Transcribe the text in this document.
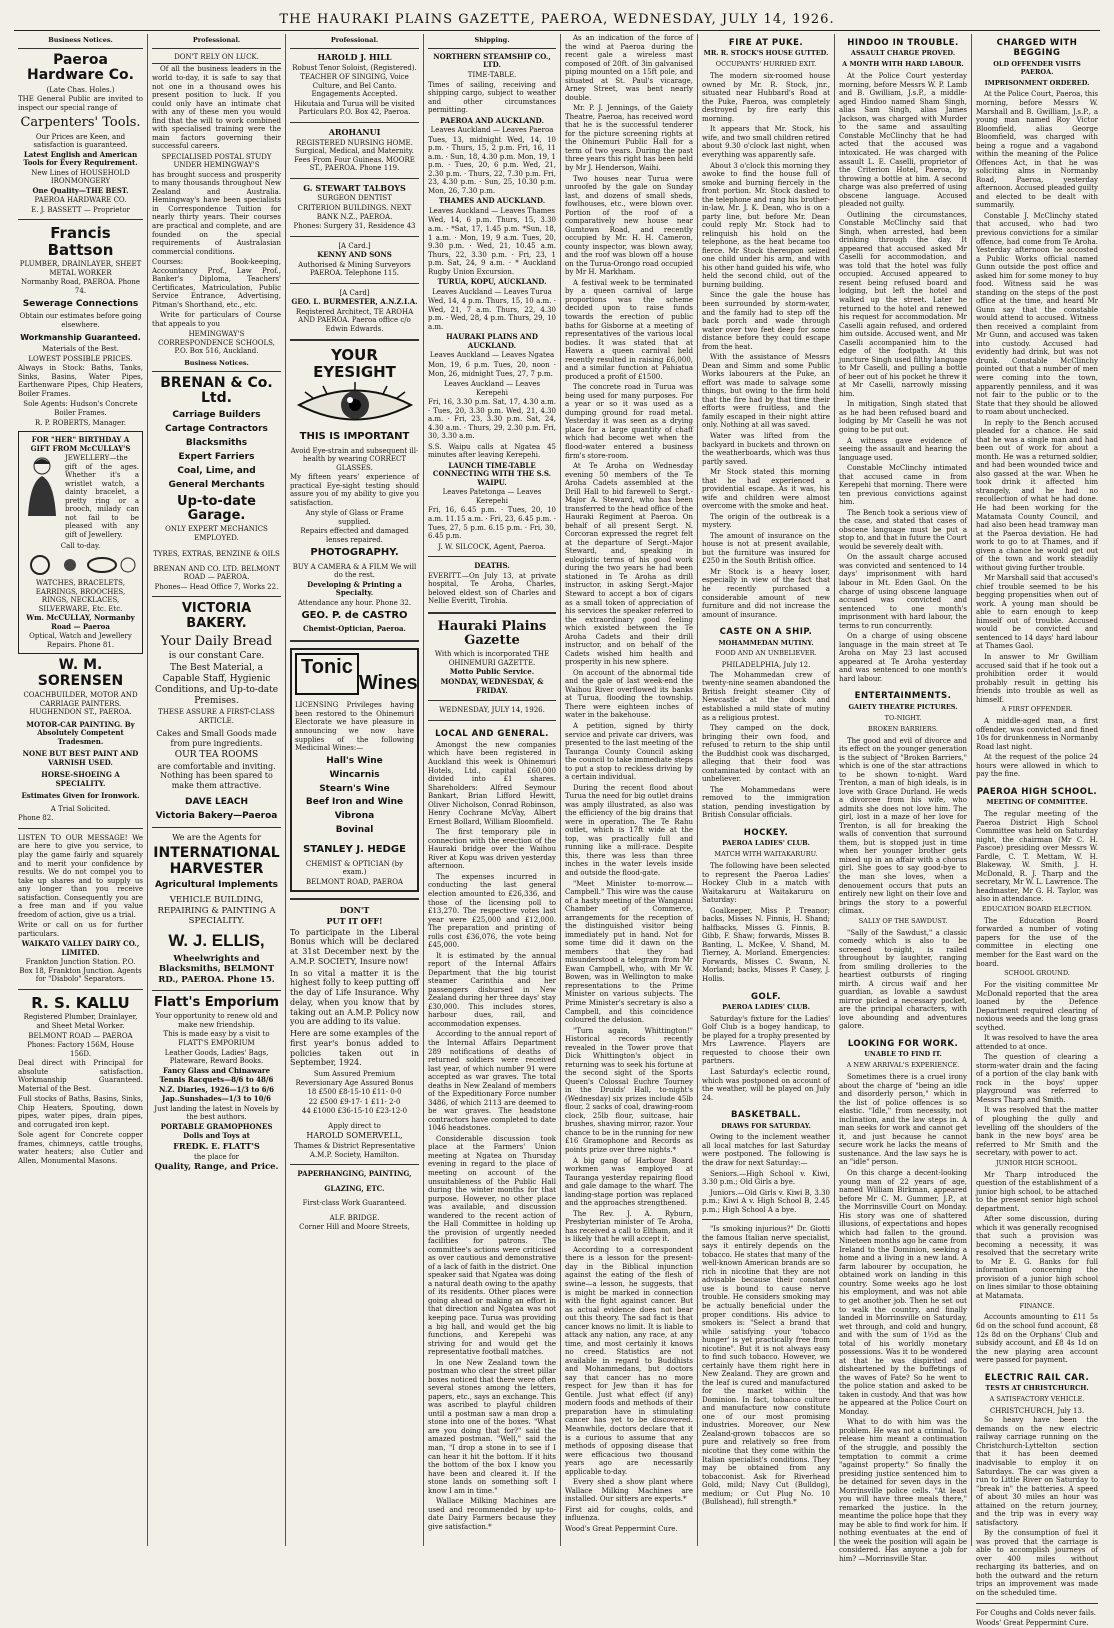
THE HAURAKI PLAINS GAZETTE, PAEROA, WEDNESDAY, JULY 14, 1926.
Business Notices.
Paeroa Hardware Co.
(Late Chas. Holes.)
THE General Public are invited to inspect our special range of
Carpenters' Tools.
Our Prices are Keen, and satisfaction is guaranteed.
Latest English and American Tools for Every Requirement.
New Lines of HOUSEHOLD IRONMONGERY
One Quality—THE BEST.
PAEROA HARDWARE CO.
E. J. BASSETT — Proprietor
Francis Battson
PLUMBER, DRAINLAYER, SHEET METAL WORKER
Normanby Road, PAEROA. Phone 74.
Sewerage Connections
Obtain our estimates before going elsewhere.
Workmanship Guaranteed.
Materials of the Best.
LOWEST POSSIBLE PRICES.
Always in Stock: Baths, Tanks, Sinks, Basins, Water Pipes, Earthenware Pipes, Chip Heaters, Boiler Frames.
Sole Agents: Hudson's Concrete Boiler Frames.
R. P. ROBERTS, Manager.
FOR "HER" BIRTHDAY A GIFT FROM McCULLAY'S
JEWELLERY—the gift of the ages. Whether it's a wristlet watch, a dainty bracelet, a pretty ring or a brooch, milady can not fail to be pleased with any gift of Jewellery.
Call to-day.
WATCHES, BRACELETS, EARRINGS, BROOCHES, RINGS, NECKLACES, SILVERWARE, Etc. Etc.
Wm. McCULLAY, Normanby Road — Paeroa
Optical, Watch and Jewellery Repairs. Phone 81.
W. M. SORENSEN
COACHBUILDER, MOTOR AND CARRIAGE PAINTERS. HUGHENDON ST., PAEROA.
MOTOR-CAR PAINTING. By Absolutely Competent Tradesmen.
NONE BUT BEST PAINT AND VARNISH USED.
HORSE-SHOEING A SPECIALITY.
Estimates Given for Ironwork.
A Trial Solicited.
Phone 82.
LISTEN TO OUR MESSAGE! We are here to give you service, to play the game fairly and squarely and to merit your confidence by results. We do not compel you to take up shares and to supply us any longer than you receive satisfaction. Consequently you are a free man and if you value freedom of action, give us a trial.
Write or call on us for further particulars.
WAIKATO VALLEY DAIRY CO., LIMITED.
Frankton Junction Station. P.O. Box 18, Frankton Junction. Agents for "Diabolo" Separators.
R. S. KALLU
Registered Plumber, Drainlayer, and Sheet Metal Worker.
BELMONT ROAD — PAEROA
Phones: Factory 156M, House 156D.
Deal direct with Principal for absolute satisfaction. Workmanship Guaranteed. Material of the Best.
Full stocks of Baths, Basins, Sinks, Chip Heaters, Spouting, down pipes, water pipes, drain pipes, and corrugated iron kept.
Sole agent for Concrete copper frames, chimneys, cattle troughs, water heaters; also Cutler and Allen, Monumental Masons.
Professional.
DON'T RELY ON LUCK.
Of all the business leaders in the world to-day, it is safe to say that not one in a thousand owes his present position to luck. If you could only have an intimate chat with any of these men you would find that the will to work combined with specialised training were the main factors governing their successful careers.
SPECIALISED POSTAL STUDY UNDER HEMINGWAY'S
has brought success and prosperity to many thousands throughout New Zealand and Australia. Hemingway's have been specialists in Correspondence Tuition for nearly thirty years. Their courses are practical and complete, and are founded on the special requirements of Australasian commercial conditions.
Courses: Book-keeping, Accountancy Prof., Law Prof., Banker's Diploma, Teachers' Certificates, Matriculation, Public Service Entrance, Advertising, Pitman's Shorthand, etc., etc.
Write for particulars of Course that appeals to you
HEMINGWAY'S CORRESPONDENCE SCHOOLS, P.O. Box 516, Auckland.
Business Notices.
BRENAN & Co. Ltd.
Carriage Builders
Cartage Contractors
Blacksmiths
Expert Farriers
Coal, Lime, and
General Merchants
Up-to-date Garage.
ONLY EXPERT MECHANICS EMPLOYED.
TYRES, EXTRAS, BENZINE & OILS
BRENAN AND CO. LTD. BELMONT ROAD — PAEROA.
Phones— Head Office 7, Works 22.
VICTORIA BAKERY.
Your Daily Bread
is our constant Care.
The Best Material, a Capable Staff, Hygienic Conditions, and Up-to-date Premises.
THESE ASSURE A FIRST-CLASS ARTICLE.
Cakes and Small Goods made from pure ingredients.
OUR TEA ROOMS
are comfortable and inviting. Nothing has been spared to make them attractive.
DAVE LEACH
Victoria Bakery—Paeroa
We are the Agents for
INTERNATIONAL HARVESTER
Agricultural Implements
VEHICLE BUILDING, REPAIRING & PAINTING A SPECIALITY.
W. J. ELLIS,
Wheelwrights and Blacksmiths, BELMONT RD., PAEROA. Phone 15.
Flatt's Emporium
Your opportunity to renew old and make new friendship.
This is made easy by a visit to FLATT'S EMPORIUM
Leather Goods, Ladies' Bags, Plateware, Reward Books.
Fancy Glass and Chinaware
Tennis Racquets—8/6 to 48/6
N.Z. Diaries, 1926—1/3 to 6/6
Jap..Sunshades—1/3 to 10/6
Just landing the latest in Novels by the best authors.
PORTABLE GRAMOPHONES
Dolls and Toys at
FREDK. E. FLATT'S
the place for
Quality, Range, and Price.
Professional.
HAROLD J. HILL
Robust Tenor Soloist, (Registered).
TEACHER OF SINGING, Voice Culture, and Bel Canto. Engagements Accepted.
Hikutaia and Turua will be visited Particulars P.O. Box 42, Paeroa.
AROHANUI
REGISTERED NURSING HOME. Surgical, Medical, and Maternity. Fees From Four Guineas. MOORE ST., PAEROA. Phone 119.
G. STEWART TALBOYS
SURGEON DENTIST
CRITERION BUILDINGS. NEXT BANK N.Z., PAEROA.
Phones: Surgery 31, Residence 43
[A Card.]
KENNY AND SONS
Authorised & Mining Surveyors PAEROA. Telephone 115.
[A Card]
GEO. L. BURMESTER, A.N.Z.I.A.
Registered Architect, TE AROHA AND PAEROA. Paeroa office c/o Edwin Edwards.
YOUR EYESIGHT
THIS IS IMPORTANT
Avoid Eye-strain and subsequent ill-health by wearing CORRECT GLASSES.
My fifteen years' experience of practical Eye-sight testing should assure you of my ability to give you satisfaction.
Any style of Glass or Frame supplied.
Repairs effected and damaged lenses repaired.
PHOTOGRAPHY.
BUY A CAMERA & A FILM We will do the rest.
Developing & Printing a Specialty.
Attendance any hour. Phone 32.
GEO. P. de CASTRO
Chemist-Optician, Paeroa.
Tonic
Wines
LICENSING Privileges having been restored to the Ohinemuri Electorate we have pleasure in announcing we now have supplies of the following Medicinal Wines:—
Hall's Wine
Wincarnis
Stearn's Wine
Beef Iron and Wine
Vibrona
Bovinal
STANLEY J. HEDGE
CHEMIST & OPTICIAN (by exam.)
BELMONT ROAD, PAEROA
DON'T
PUT IT OFF!
To participate in the Liberal Bonus which will be declared at 31st December next by the A.M.P. SOCIETY, Insure now!
In so vital a matter it is the highest folly to keep putting off the day of Life Insurance. Why delay, when you know that by taking out an A.M.P. Policy now you are adding to its value.
Here are some examples of the first year's bonus added to policies taken out in September, 1924.
Sum Assured Premium Reversionary Age Assured Bonus
18 £500 £8-15-10 £11- 0-0
22 £500 £9-17- 1 £11- 2-0
44 £1000 £36-15-10 £23-12-0
Apply direct to
HAROLD SOMERVELL,
Thames & District Representative A.M.P. Society, Hamilton.
PAPERHANGING, PAINTING,
GLAZING, ETC.
First-class Work Guaranteed.
ALF. BRIDGE.
Corner Hill and Moore Streets,
Shipping.
NORTHERN STEAMSHIP CO., LTD.
TIME-TABLE.
Times of sailing, receiving and shipping cargo, subject to weather and other circumstances permitting.
PAEROA AND AUCKLAND.
Leaves Auckland — Leaves Paeroa
Tues, 13, midnight Wed, 14, 10 p.m. · Thurs, 15, 2 p.m. Fri, 16, 11 a.m. · Sun, 18, 4.30 p.m. Mon, 19, 1 p.m. · Tues, 20, 6 p.m. Wed, 21, 2.30 p.m. · Thurs, 22, 7.30 p.m. Fri, 23, 4.30 p.m. · Sun, 25, 10.30 p.m. Mon, 26, 7.30 p.m.
THAMES AND AUCKLAND.
Leaves Auckland — Leaves Thames
Wed, 14, 6 p.m. Thurs, 15, 3.30 a.m. · *Sat, 17, 1.45 p.m. *Sun, 18, 1 a.m. · Mon, 19, 9 a.m. Tues, 20, 9.30 p.m. · Wed, 21, 10.45 a.m. Thurs, 22, 3.30 p.m. · Fri, 23, 1 p.m. Sat, 24, 9 a.m. · * Auckland Rugby Union Excursion.
TURUA, KOPU, AUCKLAND.
Leaves Auckland — Leaves Turua
Wed, 14, 4 p.m. Thurs, 15, 10 a.m. · Wed, 21, 7 a.m. Thurs, 22, 4.30 p.m. · Wed, 28, 4 p.m. Thurs, 29, 10 a.m.
HAURAKI PLAINS AND AUCKLAND.
Leaves Auckland — Leaves Ngatea
Mon, 19, 6 p.m. Tues, 20, noon · Mon, 26, midnight Tues, 27, 7 p.m.
Leaves Auckland — Leaves Kerepehi
Fri, 16, 3.30 p.m. Sat, 17, 4.30 a.m. · Tues, 20, 3.30 p.m. Wed, 21, 4.30 a.m. · Fri, 23, 3.30 p.m. Sat, 24, 4.30 a.m. · Thurs, 29, 2.30 p.m. Fri, 30, 3.30 a.m.
S.S. Waipu calls at Ngatea 45 minutes after leaving Kerepehi.
LAUNCH TIME-TABLE CONNECTING WITH THE S.S. WAIPU.
Leaves Patetonga — Leaves Kerepehi
Fri, 16, 6.45 p.m. · Tues, 20, 10 a.m. 11.15 a.m. · Fri, 23, 6.45 p.m. · Tues, 27, 5 p.m. 6.15 p.m. · Fri, 30, 6.45 p.m.
J. W. SILCOCK, Agent, Paeroa.
DEATHS.
EVERITT.—On July 13, at private hospital, Te Aroha, Charles, beloved eldest son of Charles and Nellie Everitt, Tirohia.
Hauraki Plains Gazette
With which is incorporated THE OHINEMURI GAZETTE.
Motto Public Service.
MONDAY, WEDNESDAY, & FRIDAY.
WEDNESDAY, JULY 14, 1926.
LOCAL AND GENERAL.
Amongst the new companies which have been registered in Auckland this week is Ohinemuri Hotels, Ltd., capital £60,000 divided into £1 shares. Shareholders: Alfred Seymour Bankart, Brian Lifford Hewitt, Oliver Nicholson, Conrad Robinson, Henry Cochrane McVay, Albert Ernest Bollard, William Bloomfield.
The first temporary pile in connection with the erection of the Hauraki bridge over the Waihou River at Kopu was driven yesterday afternoon.
The expenses incurred in conducting the last general election amounted to £26,336, and those of the licensing poll to £13,270. The respective votes last year were £25,000 and £12,000. The preparation and printing of rolls cost £36,076, the vote being £45,000.
It is estimated by the annual report of the Internal Affairs Department that the big tourist steamer Carinthia and her passengers disbursed in New Zealand during her three days' stay £30,000. This includes stores, harbour dues, rail, and accommodation expenses.
According to the annual report of the Internal Affairs Department 289 notifications of deaths of returned soldiers were received last year, of which number 91 were accepted as war graves. The total deaths in New Zealand of members of the Expeditionary Force number 3486, of which 2113 are deemed to be war graves. The headstone contractors have completed to date 1046 headstones.
Considerable discussion took place at the Farmers' Union meeting at Ngatea on Thursday evening in regard to the place of meeting on account of the unsuitableness of the Public Hall during the winter months for that purpose. However, no other place was available, and discussion wandered to the recent action of the Hall Committee in holding up the provision of urgently needed facilities for patrons. The committee's actions were criticised as over cautious and demonstrative of a lack of faith in the district. One speaker said that Ngatea was doing a natural death owing to the apathy of its residents. Other places were going ahead or making an effort in that direction and Ngatea was not keeping pace. Turua was providing a big hall, and would get the big functions, and Kerepehi was striving for and would get the representative football matches.
In one New Zealand town the postman who clear the street pillar boxes noticed that there were often several stones among the letters, papers, etc., says an exchange. This was ascribed to playful children until a postman saw a man drop a stone into one of the boxes. "What are you doing that for?" said the amazed postman. "Well," said the man, "I drop a stone in to see if I can hear it hit the bottom. If it hits the bottom of the box I know you have been and cleared it. If the stone lands on something soft I know I am in time."
Wallace Milking Machines are used and recommended by up-to-date Dairy Farmers because they give satisfaction.*
As an indication of the force of the wind at Paeroa during the recent gale a wireless mast composed of 20ft. of 3in galvanised piping mounted on a 15ft pole, and situated at St. Paul's vicarage, Arney Street, was bent nearly double.
Mr. P. J. Jennings, of the Gaiety Theatre, Paeroa, has received word that he is the successful tenderer for the picture screening rights at the Ohinemuri Public Hall for a term of two years. During the past three years this right has been held by Mr J. Henderson, Waihi.
Two houses near Turua were unroofed by the gale on Sunday last, and dozens of small sheds, fowlhouses, etc., were blown over. Portion of the roof of a comparatively new house near Gumtown Road, and recently occupied by Mr. H. H. Cameron, county inspector, was blown away, and the roof was blown off a house on the Turua-Orongo road occupied by Mr H. Markham.
A festival week to be terminated by a queen carnival of large proportions was the scheme decided upon to raise funds towards the erection of public baths for Gisborne at a meeting of representatives of the various local bodies. It was stated that at Hawera a queen carnival held recently resulted in raising £6,000, and a similar function at Pahiatua produced a profit of £1500.
The concrete road in Turua was being used for many purposes. For a year or so it was used as a dumping ground for road metal. Yesterday it was seen as a drying place for a large quantity of chaff which had become wet when the flood-water entered a business firm's store-room.
At Te Aroha on Wednesday evening 50 members of the Te Aroha Cadets assembled at the Drill Hall to bid farewell to Sergt.-Major A. Steward, who has been transferred to the head office of the Hauraki Regiment at Paeroa. On behalf of all present Sergt. N. Corcoran expressed the regret felt at the departure of Sergt.-Major Steward, and, speaking in eulogistic terms of his good work during the two years he had been stationed in Te Aroha as drill instructor, in asking Sergt.-Major Steward to accept a box of cigars as a small token of appreciation of his services the speaker referred to the extraordinary good feeling which existed between the Te Aroha Cadets and their drill instructor, and on behalf of the Cadets wished him health and prosperity in his new sphere.
On account of the abnormal tide and the gale of last week-end the Waihou River overflowed its banks at Turua, flooding the township. There were eighteen inches of water in the bakehouse.
A petition, signed by thirty service and private car drivers, was presented to the last meeting of the Tauranga County Council asking the council to take immediate steps to put a stop to reckless driving by a certain individual.
During the recent flood about Turua the need for big outlet drains was amply illustrated, as also was the efficiency of the big drains that were in operation. The Te Rahu outlet, which is 17ft wide at the top, was practically full and running like a mill-race. Despite this, there was less than three inches in the water levels inside and outside the flood-gate.
"Meet Minister to-morrow.—Campbell." This wire was the cause of a hasty meeting of the Wanganui Chamber of Commerce, arrangements for the reception of the distinguished visitor being immediately put in hand. Not for some time did it dawn on the members that they had misunderstood a telegram from Mr Ewan Campbell, who, with Mr W. Bowen, was in Wellington to make representations to the Prime Minister on various subjects. The Prime Minister's secretary is also a Campbell, and this coincidence coloured the delusion.
"Turn again, Whittington!" Historical records recently revealed in the Tower prove that Dick Whittington's object in returning was to seek his fortune at the second sight of the Sports Queen's Colossal Euchre Tourney in the Druids' Hall, to-night's (Wednesday) six prizes include 45lb flour, 2 sacks of coal, drawing-room clock, 25lb flour, suitcase, hair brushes, shaving mirror, razor. Your chance to be in the running for new £16 Gramophone and Records as points prize over three nights.*
A big gang of Harbour Board workmen was employed at Tauranga yesterday repairing flood and gale damage to the wharf. The landing-stage portion was replaced and the approaches strengthened.
The Rev. J. A. Ryburn, Presbyterian minister of Te Aroha, has received a call to Eltham, and it is likely that he will accept it.
According to a correspondent there is a lesson for the present-day in the Biblical injunction against the eating of the flesh of swine—a lesson, he suggests, that is might be marked in connection with the fight against cancer. But as actual evidence does not bear out this theory. The sad fact is that cancer knows no limit. It is liable to attack any nation, any race, at any time, and most certainly it knows no creed. Statistics are not available in regard to Buddhists and Mohammedans, but doctors say that cancer has no more respect for Jew than it has for Gentile. Just what effect (if any) modern foods and methods of their preparation have in stimulating cancer has yet to be discovered. Meanwhile, doctors declare that it is a curious to assume that any methods of opposing disease that were efficacious two thousand years ago are necessarily applicable to-day.
Every shed a show plant where Wallace Milking Machines are installed. Our sitters are experts.*
First aid for coughs, colds, and influenza.
Wood's Great Peppermint Cure.
FIRE AT PUKE.
MR. R. STOCK'S HOUSE GUTTED.
OCCUPANTS' HURRIED EXIT.
The modern six-roomed house owned by Mr. R. Stock, jnr., situated near Hubbard's Road at the Puke, Paeroa, was completely destroyed by fire early this morning.
It appears that Mr. Stock, his wife, and two small children retired about 9.30 o'clock last night, when everything was apparently safe.
About 3 o'clock this morning they awoke to find the house full of smoke and burning fiercely in the front portion. Mr. Stock dashed to the telephone and rang his brother-in-law, Mr. J. K. Dean, who is on a party line, but before Mr. Dean could reply Mr. Stock had to relinquish his hold on the telephone, as the heat became too fierce. Mr Stock thereupon seized one child under his arm, and with his other hand guided his wife, who held the second child, out of the burning building.
Since the gale the house has been surrounded by storm-water, and the family had to step off the back porch and wade through water over two feet deep for some distance before they could escape from the heat.
With the assistance of Messrs Dean and Simm and some Public Works labourers at the Puke, an effort was made to salvage some things, but owing to the firm hold that the fire had by that time their efforts were fruitless, and the family escaped in their night attire only. Nothing at all was saved.
Water was lifted from the backyard in buckets and thrown on the weatherboards, which was thus partly saved.
Mr Stock stated this morning that he had experienced a providential escape. As it was, his wife and children were almost overcome with the smoke and heat.
The origin of the outbreak is a mystery.
The amount of insurance on the house is not at present available, but the furniture was insured for £250 in the South British office.
Mr Stock is a heavy loser, especially in view of the fact that he recently purchased a considerable amount of new furniture and did not increase the amount of insurance.
CASTE ON A SHIP.
MOHAMMEDAN MUTINY.
FOOD AND AN UNBELIEVER.
PHILADELPHIA, July 12.
The Mohammedan crew of twenty-nine seamen abandoned the British freight steamer City of Newcastle at the dock and established a mild state of mutiny as a religious protest.
They camped on the dock, bringing their own food, and refused to return to the ship until the Buddhist cook was discharged, alleging that their food was contaminated by contact with an unbeliever.
The Mohammedans were removed to the immigration station, pending investigation by British Consular officials.
HOCKEY.
PAEROA LADIES' CLUB.
MATCH WITH WAITAKARURU.
The following have been selected to represent the Paeroa Ladies' Hockey Club in a match with Waitakaruru at Waitakaruru on Saturday:
Goalkeeper, Miss P. Treanor; backs, Misses N. Finnis, H. Shand; halfbacks, Misses G. Finnis, B. Gibb, F. Shaw; forwards, Misses B. Banting, L. McKee, V. Shand, M. Tierney, A. Morland. Emergencies: Forwards, Misses C. Swann, N. Morland; backs, Misses P. Casey, J. Hollis.
GOLF.
PAEROA LADIES' CLUB.
Saturday's fixture for the Ladies' Golf Club is a bogey handicap, to be played for a trophy presented by Mrs Lawrence. Players are requested to choose their own partners.
Last Saturday's eclectic round, which was postponed on account of the weather, will be played on July 24.
BASKETBALL.
DRAWS FOR SATURDAY.
Owing to the inclement weather all local matches for last Saturday were postponed. The following is the draw for next Saturday:—
Seniors.—High School v. Kiwi, 3.30 p.m.; Old Girls a bye.
Juniors.—Old Girls v. Kiwi B, 3.30 p.m.; Kiwi A v. High School B, 2.45 p.m.; High School A a bye.
"Is smoking injurious?" Dr. Giotti the famous Italian nerve specialist, says it entirely depends on the tobacco. He states that many of the well-known American brands are so rich in nicotine that they are not advisable because their constant use is bound to cause nerve trouble. He considers smoking may be actually beneficial under the proper conditions. His advice to smokers is: "Select a brand that while satisfying your 'tobacco hunger' is yet practically free from nicotine". But it is not always easy to find such tobacco. However, we certainly have them right here in New Zealand. They are grown and the leaf is cured and manufactured for the market within the Dominion. In fact, tobacco culture and manufacture now constitute one of our most promising industries. Moreover, our New Zealand-grown tobaccos are so pure and relatively so free from nicotine that they come within the Italian specialist's conditions. They may be obtained from any tobacconist. Ask for Riverhead Gold, mild; Navy Cut (Bulldog), medium; or Cut Plug No. 10 (Bullshead), full strength.*
HINDOO IN TROUBLE.
ASSAULT CHARGE PROVED.
A MONTH WITH HARD LABOUR.
At the Police Court yesterday morning, before Messrs W. P. Lamb and B. Gwilliam, J.s.P., a middle-aged Hindoo named Sham Singh, alias Sam Singh, alias James Jackson, was charged with Murder to the same and assaulting Constable McClinchy that he had acted that the accused was intoxicated. He was charged with assault L. E. Caselli, proprietor of the Criterion Hotel, Paeroa, by throwing a bottle at him. A second charge was also preferred of using obscene language. Accused pleaded not guilty.
Outlining the circumstances, Constable McClinchy said that Singh, when arrested, had been drinking through the day. It appeared that accused asked Mr Caselli for accommodation, and was told that the hotel was fully occupied. Accused appeared to resent being refused board and lodging, but left the hotel and walked up the street. Later he returned to the hotel and renewed his request for accommodation. Mr Caselli again refused, and ordered him outside. Accused went, and Mr Caselli accompanied him to the edge of the footpath. At this juncture Singh used filthy language to Mr Caselli, and pulling a bottle of beer out of his pocket he threw it at Mr Caselli, narrowly missing him.
In mitigation, Singh stated that as he had been refused board and lodging by Mr Caselli he was not going to be put out.
A witness gave evidence of seeing the assault and hearing the language used.
Constable McClinchy intimated that accused came in from Kerepehi that morning. There were ten previous convictions against him.
The Bench took a serious view of the case, and stated that cases of obscene language must be put a stop to, and that in future the Court would be severely dealt with.
On the assault charge accused was convicted and sentenced to 14 days' imprisonment with hard labour in Mt. Eden Gaol. On the charge of using obscene language accused was convicted and sentenced to one month's imprisonment with hard labour, the terms to run concurrently.
On a charge of using obscene language in the main street at Te Aroha on May 23 last accused appeared at Te Aroha yesterday and was sentenced to one month's hard labour.
ENTERTAINMENTS.
GAIETY THEATRE PICTURES.
TO-NIGHT.
BROKEN BARRIERS.
The good and evil of divorce and its effect on the younger generation is the subject of "Broken Barriers," which is one of the star attractions to be shown to-night. Ward Trenton, a man of high ideals, is in love with Grace Durland. He weds a divorcee from his wife, who admits she does not love him. The girl, lost in a maze of her love for Trenton, is all for breaking the walls of convention that surround them, but is stopped just in time when her younger brother gets mixed up in an affair with a chorus girl. She goes to say good-bye to the man she loves, when a denouement occurs that puts an entirely new light on their love and brings the story to a powerful climax.
SALLY OF THE SAWDUST.
"Sally of the Sawdust," a classic comedy which is also to be screened to-night, is railed throughout by laughter, ranging from smiling drolleries to the heartiest outbursts of ringing mirth. A circus waif and her guardian, as lovable a sawdust mirror picked a necessary pocket, are the principal characters, with love abounding and adventures galore.
LOOKING FOR WORK.
UNABLE TO FIND IT.
A NEW ARRIVAL'S EXPERIENCE.
Sometimes there is a cruel irony about the charge of "being an idle and disorderly person," which in the list of police offences is so elastic. "Idle," from necessity, not inclination, and the law steps in. A man seeks for work and cannot get it, and just because he cannot secure work he lacks the means of sustenance. And the law says he is an "idle" person.
On this charge a decent-looking young man of 22 years of age, named William Birkman, appeared before Mr C. M. Gummer, J.P., at the Morrinsville Court on Monday. His story was one of shattered illusions, of expectations and hopes which had fallen to the ground. Nineteen months ago he came from Ireland to the Dominion, seeking a home and a living in a new land. A farm labourer by occupation, he obtained work on landing in this country. Some weeks ago he lost his employment, and was not able to get another job. Then he set out to walk the country, and finally landed in Morrinsville on Saturday, wet through, and cold and hungry, and with the sum of 1½d as the total of his worldly monetary possessions. Was it to be wondered at that he was dispirited and disheartened by the buffetings of the waves of Fate? So he went to the police station and asked to be taken in custody. And that was how he appeared at the Police Court on Monday.
What to do with him was the problem. He was not a criminal. To release him meant a continuation of the struggle, and possibly the temptation to commit a crime "against property." So finally the presiding justice sentenced him to be detained for seven days in the Morrinsville police cells. "At least you will have three meals there," remarked the justice. In the meantime the police hope that they may be able to find work for him. If nothing eventuates at the end of the week the position will again be considered. Has anyone a job for him? —Morrinsville Star.
CHARGED WITH BEGGING
OLD OFFENDER VISITS PAEROA.
IMPRISONMENT ORDERED.
At the Police Court, Paeroa, this morning, before Messrs W. Marshall and B. Gwilliam, J.s.P., a young man named Roy Victor Bloomfield, alias George Bloomfield, was charged with being a rogue and a vagabond within the meaning of the Police Offences Act, in that he was soliciting alms in Normanby Road, Paeroa, yesterday afternoon. Accused pleaded guilty and elected to be dealt with summarily.
Constable J. McClinchy stated that accused, who had two previous convictions for a similar offence, had come from Te Aroha. Yesterday afternoon he accosted a Public Works official named Gunn outside the post office and asked him for some money to buy food. Witness said he was standing on the steps of the post office at the time, and heard Mr Gunn say that the constable would attend to accused. Witness then received a complaint from Mr Gunn, and accused was taken into custody. Accused had evidently had drink, but was not drunk. Constable McClinchy pointed out that a number of men were coming into the town, apparently penniless, and it was not fair to the public or to the State that they should be allowed to roam about unchecked.
In reply to the Bench accused pleaded for a chance. He said that he was a single man and had been out of work for about a month. He was a returned soldier, and had been wounded twice and also gassed at the war. When he took drink it affected him strangely, and he had no recollection of what he had done. He had been working for the Matamata County Council, and had also been head tramway man at the Paeroa deviation. He had work to go to at Thames, and if given a chance he would get out of the town and work steadily without giving further trouble.
Mr Marshall said that accused's chief trouble seemed to be his begging propensities when out of work. A young man should be able to earn enough to keep himself out of trouble. Accused would be convicted and sentenced to 14 days' hard labour at Thames Gaol.
In answer to Mr Gwilliam accused said that if he took out a prohibition order it would probably result in getting his friends into trouble as well as himself.
A FIRST OFFENDER.
A middle-aged man, a first offender, was convicted and fined 10s for drunkenness in Normanby Road last night.
At the request of the police 24 hours were allowed in which to pay the fine.
PAEROA HIGH SCHOOL.
MEETING OF COMMITTEE.
The regular meeting of the Paeroa District High School Committee was held on Saturday night, the chairman (Mr C. H. Pascoe) presiding over Messrs W. Fardle, C. T. Mettam, W. H. Blakeway, W. Smith, J. H. McDonald, R. J. Tharp and the secretary, Mr W. L. Lawrence. The headmaster, Mr G. H. Taylor, was also in attendance.
EDUCATION BOARD ELECTION.
The Education Board forwarded a number of voting papers for the use of the committee in electing one member for the East ward on the board.
SCHOOL GROUND.
For the visiting committee Mr McDonald reported that the area loaned by the Defence Department required clearing of noxious weeds and the long grass scythed.
It was resolved to have the area attended to at once.
The question of clearing a storm-water drain and the facing of a portion of the clay bank with rock in the boys' upper playground was referred to Messrs Tharp and Smith.
It was resolved that the matter of ploughing the gully and levelling off the shoulders of the bank in the new boys' area be referred to Mr Smith and the secretary, with power to act.
JUNIOR HIGH SCHOOL.
Mr Tharp introduced the question of the establishment of a junior high school, to be attached to the present senior high school department.
After some discussion, during which it was generally recognised that such a provision was becoming a necessity, it was resolved that the secretary write to Mr E. G. Banks for full information concerning the provision of a junior high school on lines similar to those obtaining at Matamata.
FINANCE.
Accounts amounting to £11 5s 6d on the school fund account, £8 12s 8d on the Orphans' Club and subsidy account, and £8 4s 1d on the new playing area account were passed for payment.
ELECTRIC RAIL CAR.
TESTS AT CHRISTCHURCH.
A SATISFACTORY VEHICLE.
CHRISTCHURCH, July 13.
So heavy have been the demands on the new electric railway carriage running on the Christchurch-Lyttelton section that it has been deemed inadvisable to employ it on Saturdays. The car was given a run to Little River on Saturday to "break in" the batteries. A speed of about 30 miles an hour was attained on the return journey, and the trip was in every way satisfactory.
By the consumption of fuel it was proved that the carriage is able to accomplish journeys of over 400 miles without recharging its batteries, and on both the outward and the return trips an improvement was made on the scheduled time.
For Coughs and Colds never fails.
Woods' Great Peppermint Cure.
